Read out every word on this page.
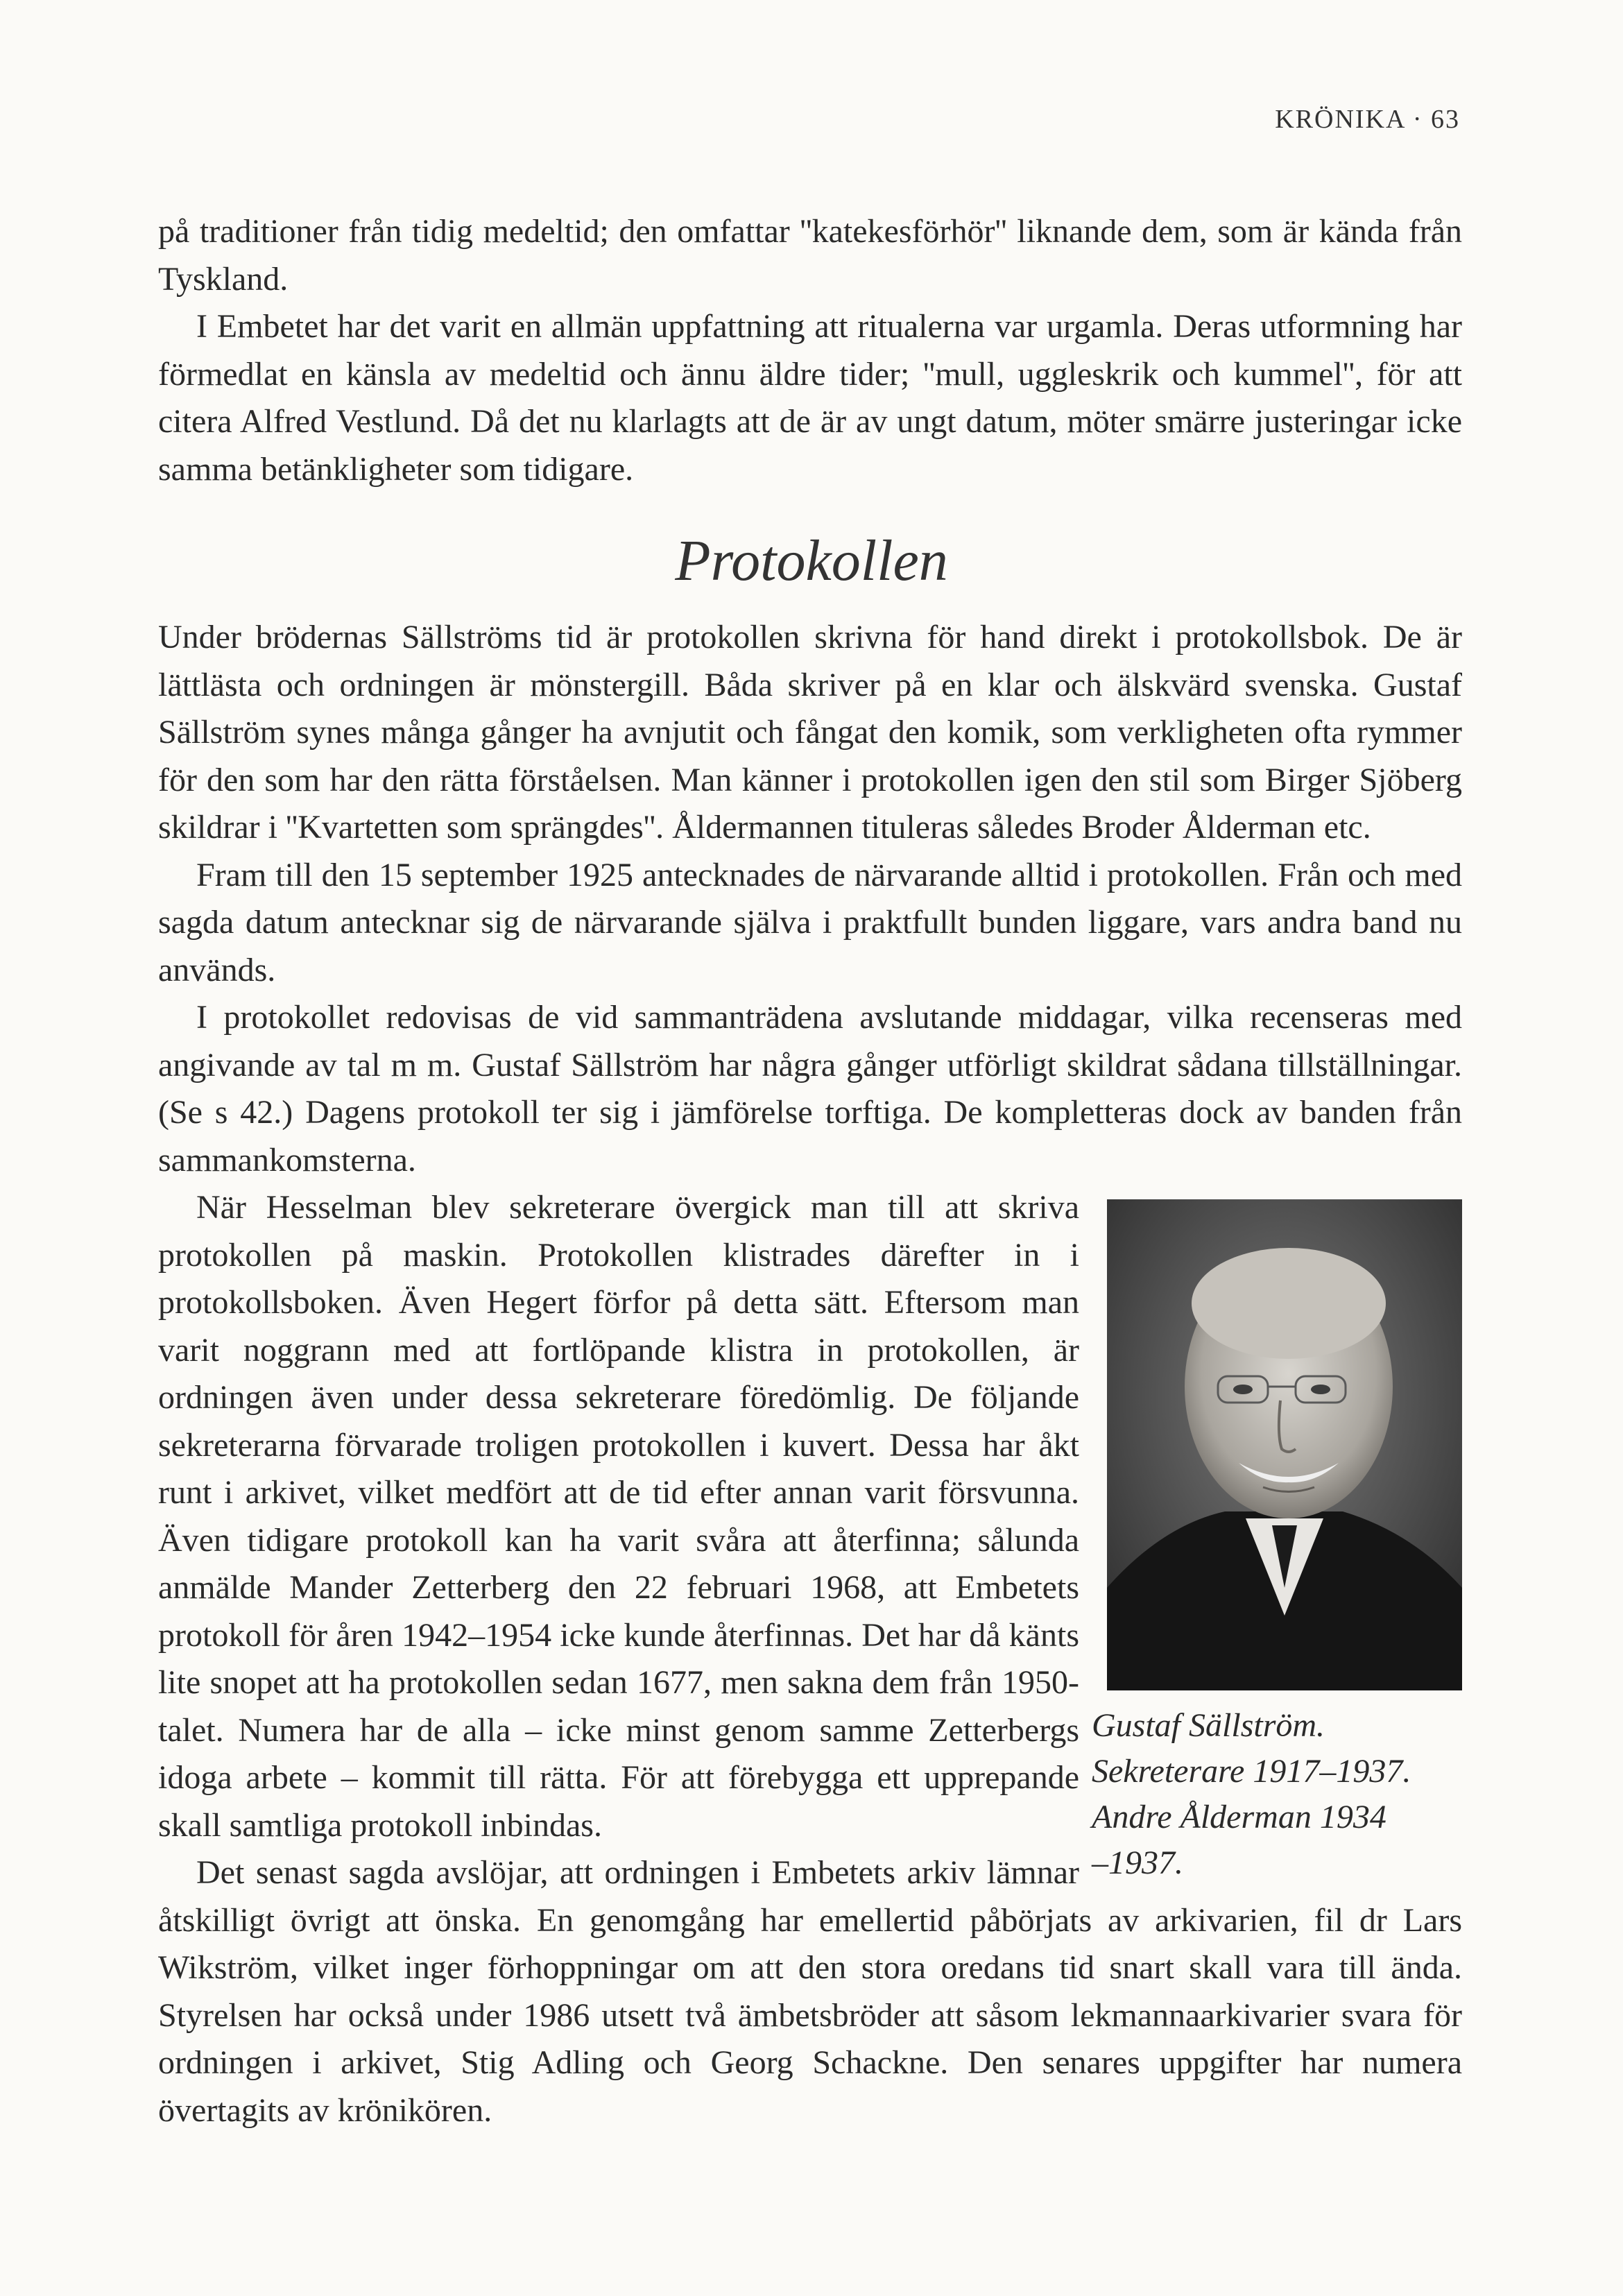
KRÖNIKA · 63

på traditioner från tidig medeltid; den omfattar ''katekesförhör'' liknande dem, som är kända från Tyskland.

I Embetet har det varit en allmän uppfattning att ritualerna var urgamla. Deras utformning har förmedlat en känsla av medeltid och ännu äldre tider; ''mull, uggleskrik och kummel'', för att citera Alfred Vestlund. Då det nu klarlagts att de är av ungt datum, möter smärre justeringar icke samma betänkligheter som tidigare.

Protokollen

Under brödernas Sällströms tid är protokollen skrivna för hand direkt i protokollsbok. De är lättlästa och ordningen är mönstergill. Båda skriver på en klar och älskvärd svenska. Gustaf Sällström synes många gånger ha avnjutit och fångat den komik, som verkligheten ofta rymmer för den som har den rätta förståelsen. Man känner i protokollen igen den stil som Birger Sjöberg skildrar i ''Kvartetten som sprängdes''. Åldermannen tituleras således Broder Ålderman etc.

Fram till den 15 september 1925 antecknades de närvarande alltid i protokollen. Från och med sagda datum antecknar sig de närvarande själva i praktfullt bunden liggare, vars andra band nu används.

I protokollet redovisas de vid sammanträdena avslutande middagar, vilka recenseras med angivande av tal m m. Gustaf Sällström har några gånger utförligt skildrat sådana tillställningar. (Se s 42.) Dagens protokoll ter sig i jämförelse torftiga. De kompletteras dock av banden från sammankomsterna.

Gustaf Sällström.
Sekreterare 1917–1937.
Andre Ålderman 1934
–1937.

När Hesselman blev sekreterare övergick man till att skriva protokollen på maskin. Protokollen klistrades därefter in i protokollsboken. Även Hegert förfor på detta sätt. Eftersom man varit noggrann med att fortlöpande klistra in protokollen, är ordningen även under dessa sekreterare föredömlig. De följande sekreterarna förvarade troligen protokollen i kuvert. Dessa har åkt runt i arkivet, vilket medfört att de tid efter annan varit försvunna. Även tidigare protokoll kan ha varit svåra att återfinna; sålunda anmälde Mander Zetterberg den 22 februari 1968, att Embetets protokoll för åren 1942–1954 icke kunde återfinnas. Det har då känts lite snopet att ha protokollen sedan 1677, men sakna dem från 1950-talet. Numera har de alla – icke minst genom samme Zetterbergs idoga arbete – kommit till rätta. För att förebygga ett upprepande skall samtliga protokoll inbindas.

Det senast sagda avslöjar, att ordningen i Embetets arkiv lämnar åtskilligt övrigt att önska. En genomgång har emellertid påbörjats av arkivarien, fil dr Lars Wikström, vilket inger förhoppningar om att den stora oredans tid snart skall vara till ända. Styrelsen har också under 1986 utsett två ämbetsbröder att såsom lekmannaarkivarier svara för ordningen i arkivet, Stig Adling och Georg Schackne. Den senares uppgifter har numera övertagits av krönikören.
